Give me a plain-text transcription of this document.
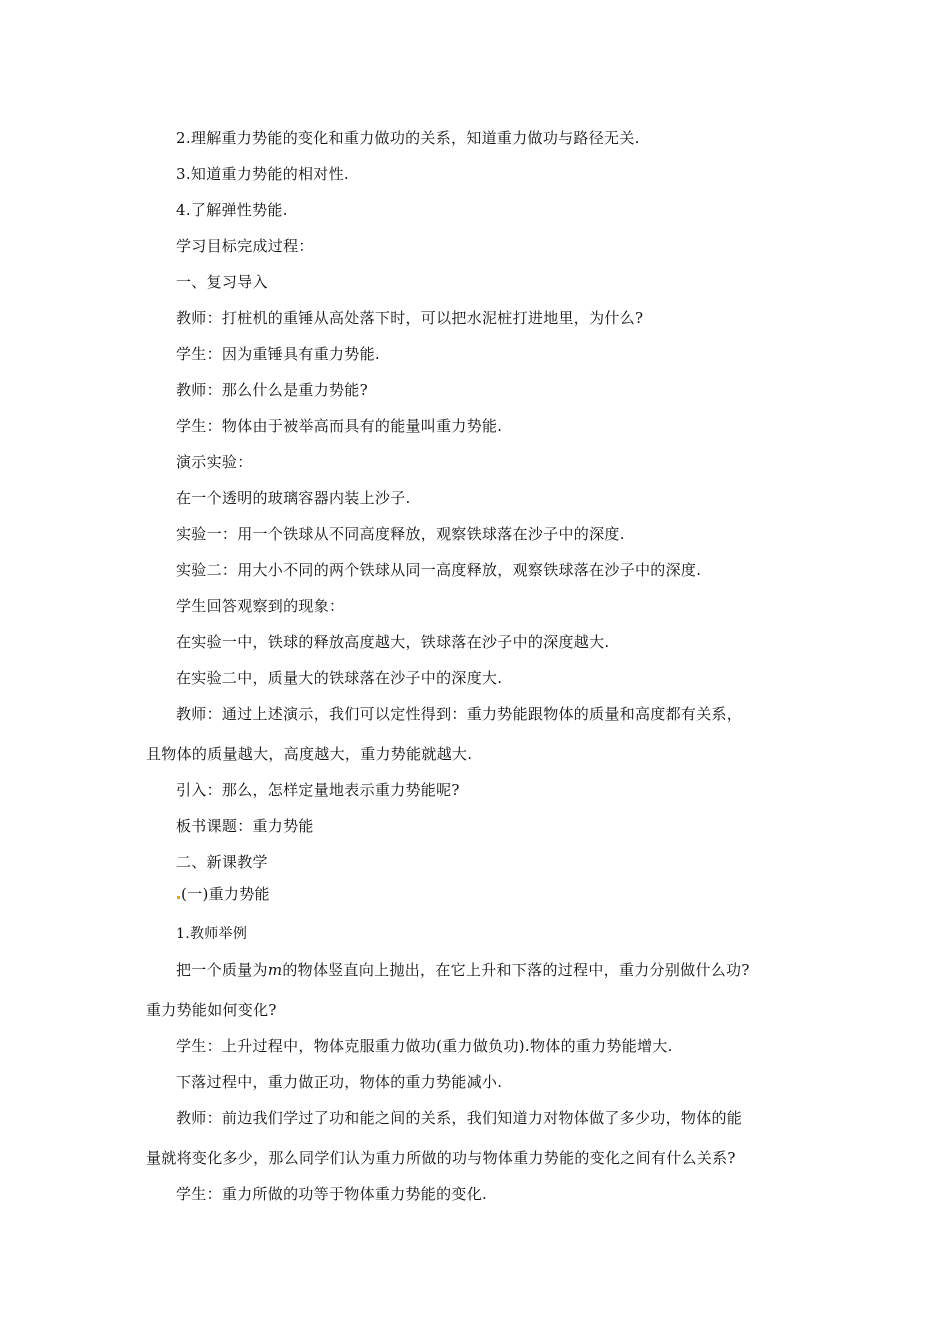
2.理解重力势能的变化和重力做功的关系，知道重力做功与路径无关.
3.知道重力势能的相对性.
4.了解弹性势能.
学习目标完成过程：
一、复习导入
教师：打桩机的重锤从高处落下时，可以把水泥桩打进地里，为什么?
学生：因为重锤具有重力势能.
教师：那么什么是重力势能?
学生：物体由于被举高而具有的能量叫重力势能.
演示实验：
在一个透明的玻璃容器内装上沙子.
实验一：用一个铁球从不同高度释放，观察铁球落在沙子中的深度.
实验二：用大小不同的两个铁球从同一高度释放，观察铁球落在沙子中的深度.
学生回答观察到的现象：
在实验一中，铁球的释放高度越大，铁球落在沙子中的深度越大.
在实验二中，质量大的铁球落在沙子中的深度大.
教师：通过上述演示，我们可以定性得到：重力势能跟物体的质量和高度都有关系，
且物体的质量越大，高度越大，重力势能就越大.
引入：那么，怎样定量地表示重力势能呢?
板书课题：重力势能
二、新课教学
(一)重力势能
1.教师举例
把一个质量为m的物体竖直向上抛出，在它上升和下落的过程中，重力分别做什么功?
重力势能如何变化?
学生：上升过程中，物体克服重力做功(重力做负功).物体的重力势能增大.
下落过程中，重力做正功，物体的重力势能减小.
教师：前边我们学过了功和能之间的关系，我们知道力对物体做了多少功，物体的能
量就将变化多少，那么同学们认为重力所做的功与物体重力势能的变化之间有什么关系?
学生：重力所做的功等于物体重力势能的变化.
